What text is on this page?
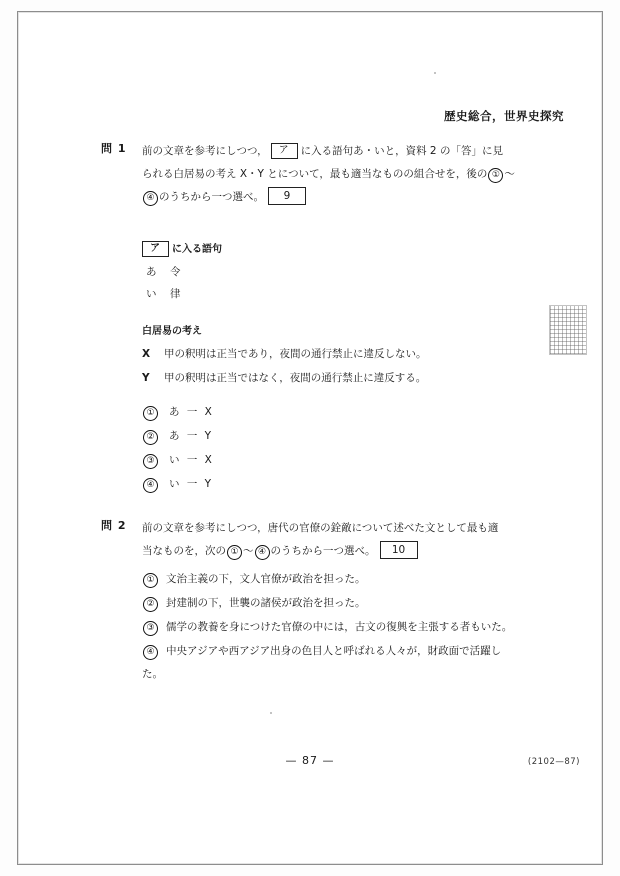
歴史総合，世界史探究
問 1 前の文章を参考にしつつ， ア に入る語句あ・いと，資料 2 の「答」に見
られる白居易の考え X・Y とについて，最も適当なものの組合せを，後の ① 〜
④ のうちから一つ選べ。 9
ア に入る語句
あ 令
い 律
白居易の考え
X 甲の釈明は正当であり，夜間の通行禁止に違反しない。
Y 甲の釈明は正当ではなく，夜間の通行禁止に違反する。
① あ 一 X
② あ 一 Y
③ い 一 X
④ い 一 Y
問 2 前の文章を参考にしつつ，唐代の官僚の銓敵について述べた文として最も適
当なものを，次の ① 〜 ④ のうちから一つ選べ。 10
① 文治主義の下，文人官僚が政治を担った。
② 封建制の下，世襲の諸侯が政治を担った。
③ 儒学の教養を身につけた官僚の中には，古文の復興を主張する者もいた。
④ 中央アジアや西アジア出身の色目人と呼ばれる人々が，財政面で活躍し
た。
— 87 —	(2102—87)
